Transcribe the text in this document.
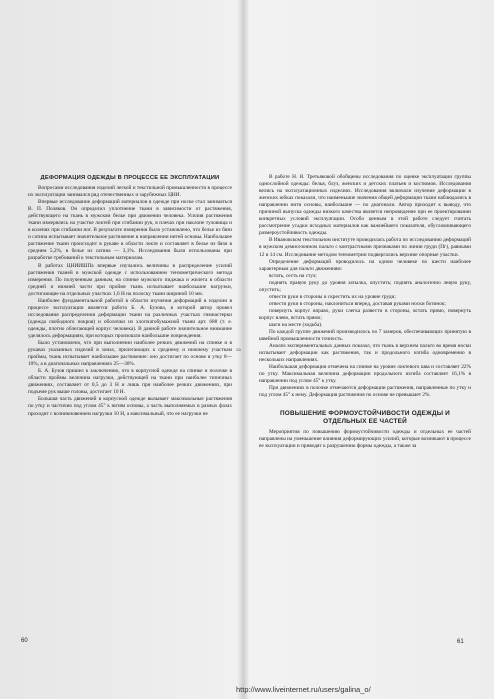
ДЕФОРМАЦИЯ ОДЕЖДЫ В ПРОЦЕССЕ ЕЕ ЭКСПЛУАТАЦИИ

Вопросами исследования изделий легкой и текстильной промышленности в процессе их эксплуатации занимался ряд отечественных и зарубежных ЦНИ.

Впервые исследование деформаций материалов в одежде при носке стал заниматься В. П. Поляков. Он определил уплотнение ткани в зависимости от растяжения, действующего на ткань в мужском белье при движении человека. Усилия растяжения ткани измерялись на участке локтей при сгибании рук, в плечах при наклоне туловища и в коленях при сгибании ног. В результате измерения было установлено, что белье из бязи и сатина испытывает значительное растяжение в направлении нитей основы. Наибольшее растяжение ткани происходит в рукаве в области локтя и составляет в белье из бязи в среднем 5,2%, в белье из сатина — 3,1%. Исследования были использованы при разработке требований к текстильным материалам.

В работах ЦНИИШПа впервые изучались величины в распределение усилий растяжения тканей в мужской одежде с использованием тензометрического метода измерения. По полученным данным, на спинке мужского пиджака и жилета в области средней и нижней части при пройме ткань испытывает наибольшие нагрузки, достигающие на отдельных участках 1,6 Н на полоску ткани шириной 10 мм.

Наиболее фундаментальной работой в области изучения деформаций в изделии в процессе эксплуатации является работа Б. А. Бузова, в которой автор провел исследования распределения деформации ткани на различных участках гимнастерки (одежда свободного покроя) и оболочки из хлопчатобумажной ткани арт. 688 (т. е. одежды, плотно облегающей корпус человека). В данной работе значительное внимание уделялось деформациям, при которых произошли наибольшие повреждения.

Было установлено, что при выполнении наиболее резких движений на спинке и в рукавах указанных изделий в зонах, прилегающих к среднему и нижнему участкам проймы, ткань испытывает наибольшее растяжение: оно достигает по основе и утку 8—10%, а в диагональных направлениях 25—30%.

Б. А. Бузов пришел к заключению, что в корпусной одежде на спинке и полочке в области проймы величина нагрузки, действующей на ткани при наиболее типичных движениях, составляет от 0,5 до 3 Н и лишь при наиболее резких движениях, при подъеме рук выше головы, достигает 10 Н.

Большая часть движений в корпусной одежде вызывает максимальные растяжения по утку и частично под углом 45° к нитям основы, а часть выполняемых в разных фазах проходит с возникновением нагрузки 10 Н, а максимальный, что ее нагрузки не

В работе Н. Я. Третьяковой обобщены исследования по оценке эксплуатации группы однослойной одежды: белья, блуз, женских и детских платьев и костюмов. Исследования велись на эксплуатационных изделиях. Исследования включали изучение деформации в женских юбках показали, что наименьшие значения общей деформации ткани наблюдались в направлении нити основы, наибольшие — по диагонали. Автор приходит к выводу, что причиной выпуска одежды низкого качества является непровидение при ее проектировании конкретных условий эксплуатации. Особо ценным в этой работе следует считать рассмотрение усадки исходных материалов как важнейшего показателя, обусловливающего размероустойчивость одежды.

В Ивановском текстильном институте проводилась работа по исследованию деформаций в мужском демисезонном пальто с контрастными признаками по линии груди (Пг), равными 12 и 14 см. Исследование методом тензометрии подвергались верхние опорные участки.

Определение деформаций проводилось на одном человеке по шести наиболее характерным для пальто движениям:

встать, сесть на стул;

поднять правую руку до уровня затылка, опустить; поднять аналогично левую руку, опустить;

отвести руки в стороны и скрестить их на уровне груди;

отвести руки в стороны, наклониться вперед, доставая руками носки ботинок;

повернуть корпус вправо, руки слегка развести в стороны, встать прямо, повернуть корпус влево, встать прямо;

шаги на месте (ходьба).

По каждой группе движений производилось по 7 замеров, обеспечивающих принятую в швейной промышленности точность.

Анализ экспериментальных данных показал, что ткань в верхнем пальто во время носки испытывает деформации как растяжения, так и продольного изгиба одновременно в нескольких направлениях.

Наибольшая деформация отмечена на спинке на уровне локтевого шва и составляет 22% по утку. Максимальная величина деформации продольного изгиба составляет 16,1% в направлении под углом 45° к утку.

При движениях в полочке отмечаются деформации растяжения, направленные по утку и под углом 45° к нему. Деформация растяжения по основе не превышает 2%.

ПОВЫШЕНИЕ ФОРМОУСТОЙЧИВОСТИ ОДЕЖДЫ И ОТДЕЛЬНЫХ ЕЕ ЧАСТЕЙ

Мероприятия по повышению формоустойчивости одежды и отдельных ее частей направлены на уменьшение влияния деформирующих усилий, которые возникают в процессе ее эксплуатации и приводят к разрушению формы одежды, а также за

ла
60	61
http://www.liveinternet.ru/users/galina_o/
